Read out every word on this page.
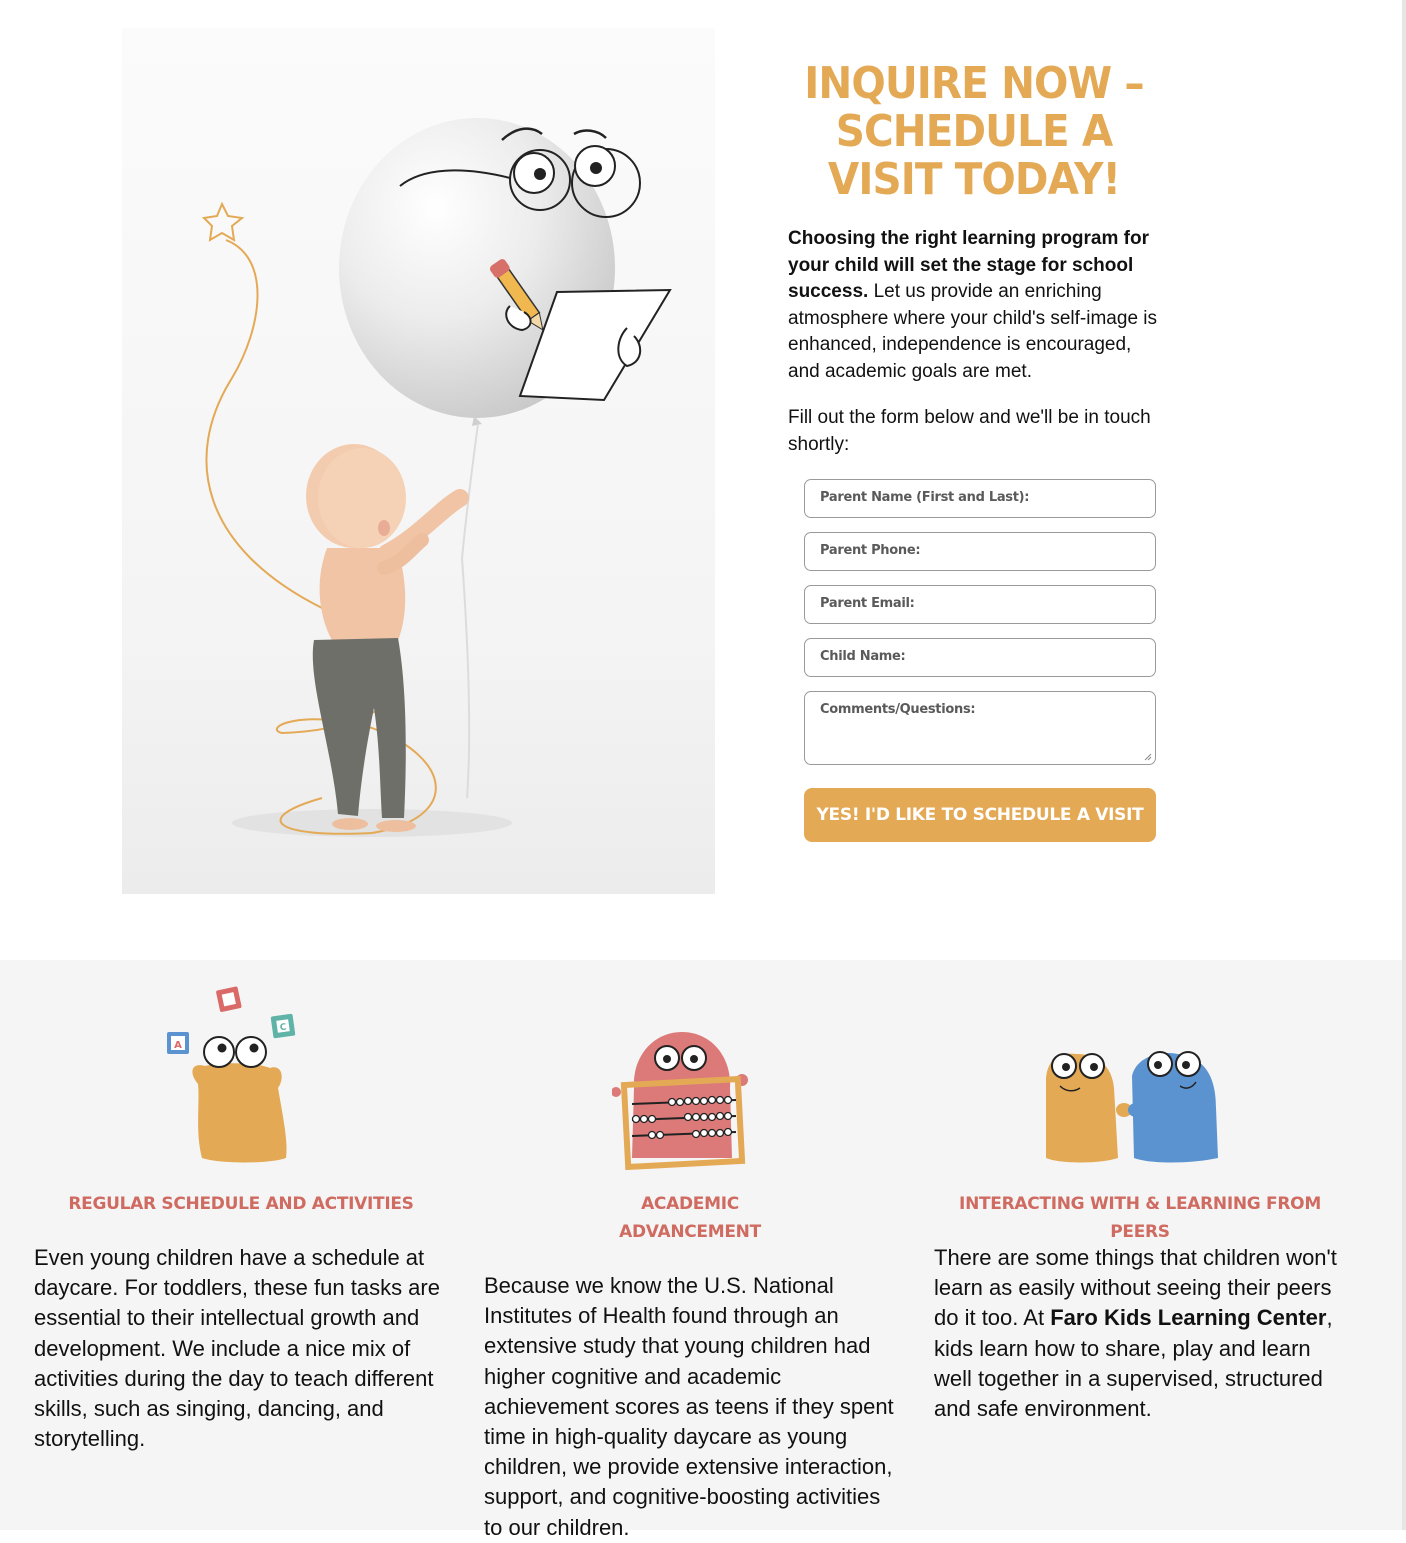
INQUIRE NOW – SCHEDULE A VISIT TODAY!
Choosing the right learning program for your child will set the stage for school success. Let us provide an enriching atmosphere where your child's self-image is enhanced, independence is encouraged, and academic goals are met.
Fill out the form below and we'll be in touch shortly:
Parent Name (First and Last):
Parent Phone:
Parent Email:
Child Name:
Comments/Questions:
YES! I'D LIKE TO SCHEDULE A VISIT
C
A
REGULAR SCHEDULE AND ACTIVITIES
Even young children have a schedule at daycare. For toddlers, these fun tasks are essential to their intellectual growth and development. We include a nice mix of activities during the day to teach different skills, such as singing, dancing, and storytelling.
ACADEMIC ADVANCEMENT
Because we know the U.S. National Institutes of Health found through an extensive study that young children had higher cognitive and academic achievement scores as teens if they spent time in high-quality daycare as young children, we provide extensive interaction, support, and cognitive-boosting activities to our children.
INTERACTING WITH & LEARNING FROM PEERS
There are some things that children won't learn as easily without seeing their peers do it too. At Faro Kids Learning Center, kids learn how to share, play and learn well together in a supervised, structured and safe environment.
